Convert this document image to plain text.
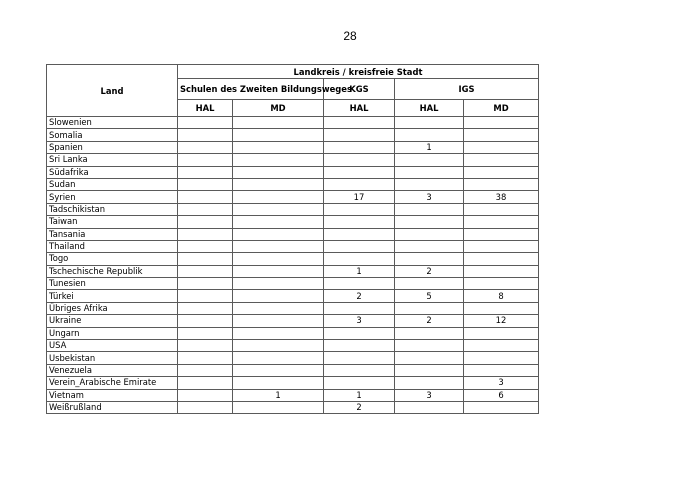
28
Land	Landkreis / kreisfreie Stadt				
	Schulen des Zweiten Bildungsweges		KGS	IGS	
	HAL	MD	HAL	HAL	MD
Slowenien					
Somalia					
Spanien				1	
Sri Lanka					
Südafrika					
Sudan					
Syrien			17	3	38
Tadschikistan					
Taiwan					
Tansania					
Thailand					
Togo					
Tschechische Republik			1	2	
Tunesien					
Türkei			2	5	8
Übriges Afrika					
Ukraine			3	2	12
Ungarn					
USA					
Usbekistan					
Venezuela					
Verein_Arabische Emirate					3
Vietnam		1	1	3	6
Weißrußland			2		
